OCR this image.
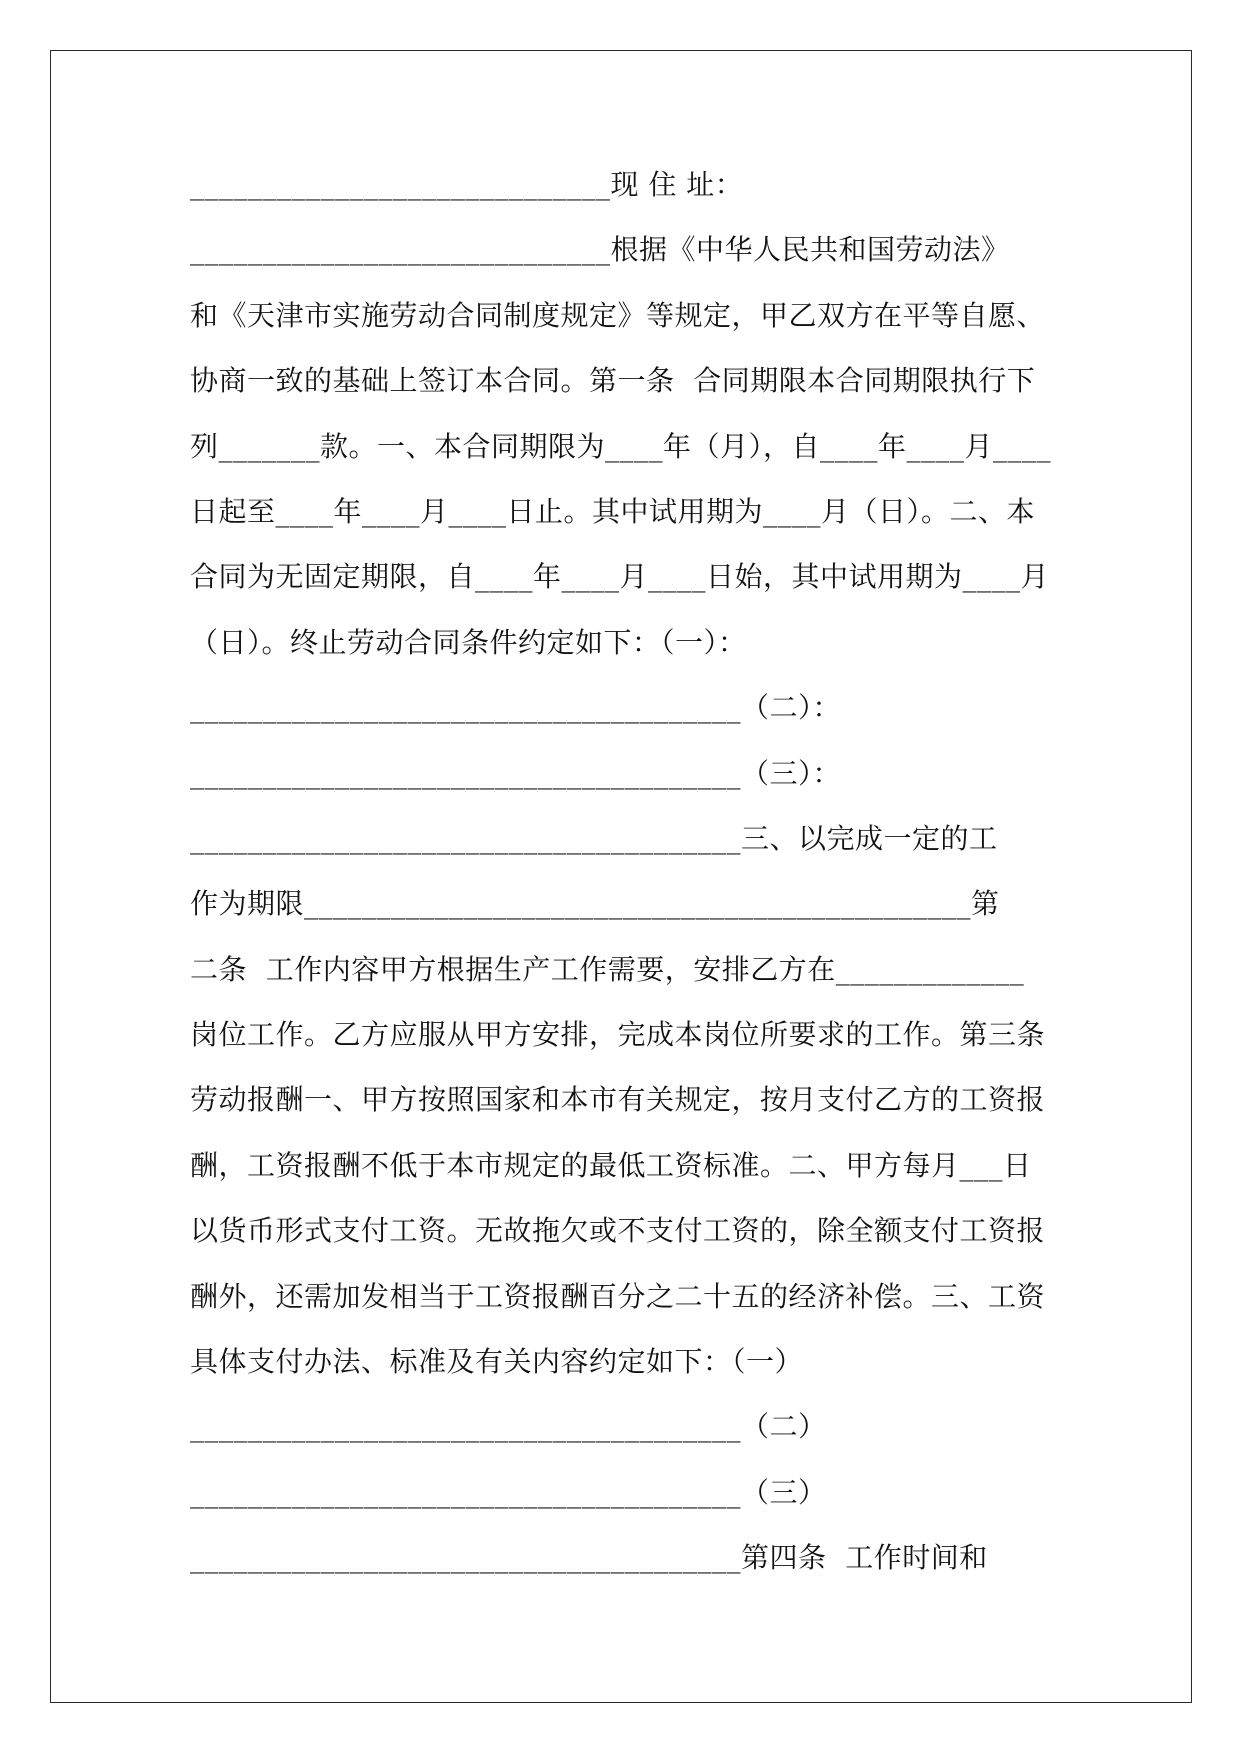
_____________________________现 住 址：
_____________________________根据《中华人民共和国劳动法》
和《天津市实施劳动合同制度规定》等规定，甲乙双方在平等自愿、
协商一致的基础上签订本合同。第一条  合同期限本合同期限执行下
列_______款。一、本合同期限为____年（月），自____年____月____
日起至____年____月____日止。其中试用期为____月（日）。二、本
合同为无固定期限，自____年____月____日始，其中试用期为____月
（日）。终止劳动合同条件约定如下：（一）：
______________________________________（二）：
______________________________________（三）：
______________________________________三、以完成一定的工
作为期限______________________________________________第
二条  工作内容甲方根据生产工作需要，安排乙方在_____________
岗位工作。乙方应服从甲方安排，完成本岗位所要求的工作。第三条
劳动报酬一、甲方按照国家和本市有关规定，按月支付乙方的工资报
酬，工资报酬不低于本市规定的最低工资标准。二、甲方每月___日
以货币形式支付工资。无故拖欠或不支付工资的，除全额支付工资报
酬外，还需加发相当于工资报酬百分之二十五的经济补偿。三、工资
具体支付办法、标准及有关内容约定如下：（一）
______________________________________（二）
______________________________________（三）
______________________________________第四条  工作时间和
